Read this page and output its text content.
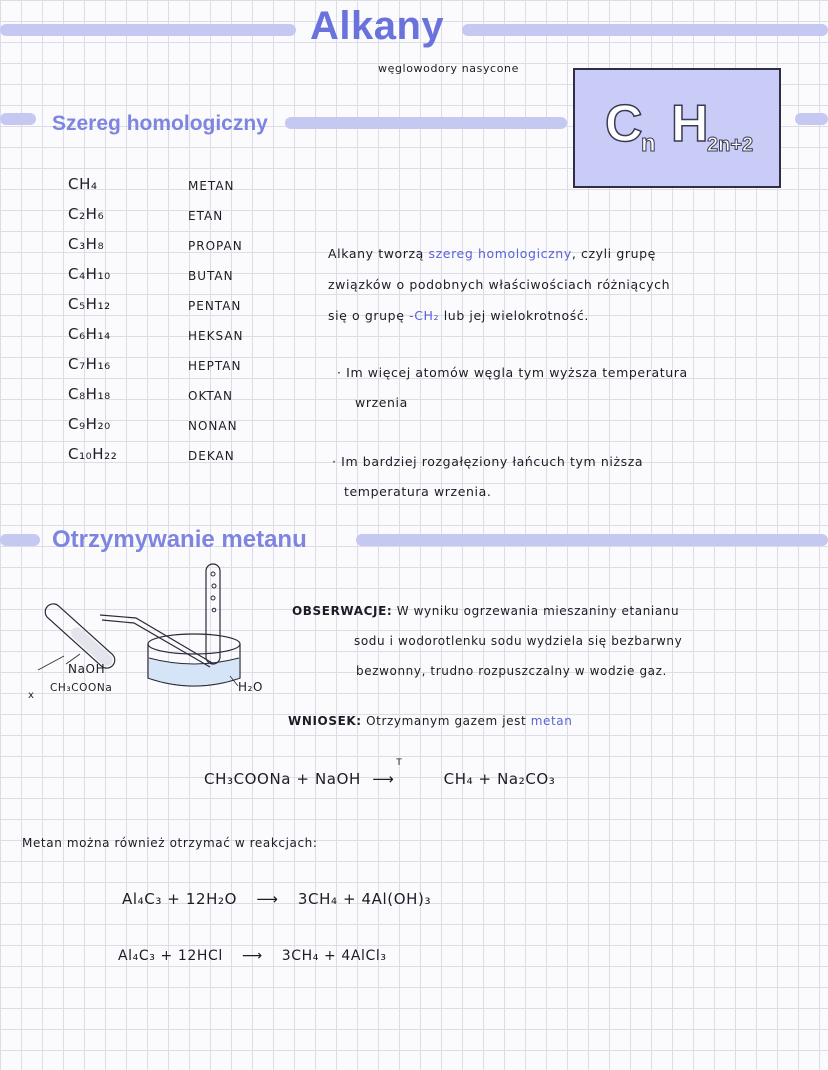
Alkany
węglowodory nasycone
C
n H
2n+2
Szereg homologiczny
CH₄	METAN
C₂H₆	ETAN
C₃H₈	PROPAN
C₄H₁₀	BUTAN
C₅H₁₂	PENTAN
C₆H₁₄	HEKSAN
C₇H₁₆	HEPTAN
C₈H₁₈	OKTAN
C₉H₂₀	NONAN
C₁₀H₂₂	DEKAN
Alkany tworzą szereg homologiczny, czyli grupę
związków o podobnych właściwościach różniących
się o grupę -CH₂ lub jej wielokrotność.
· Im więcej atomów węgla tym wyższa temperatura
wrzenia
· Im bardziej rozgałęziony łańcuch tym niższa
temperatura wrzenia.
Otrzymywanie metanu
NaOH
CH₃COONa	H₂O
x
OBSERWACJE: W wyniku ogrzewania mieszaniny etanianu
sodu i wodorotlenku sodu wydziela się bezbarwny
bezwonny, trudno rozpuszczalny w wodzie gaz.
WNIOSEK: Otrzymanym gazem jest metan
CH₃COONa + NaOH
T
⟶	CH₄ + Na₂CO₃
Metan można również otrzymać w reakcjach:
Al₄C₃ + 12H₂O ⟶ 3CH₄ + 4Al(OH)₃
Al₄C₃ + 12HCl ⟶ 3CH₄ + 4AlCl₃
